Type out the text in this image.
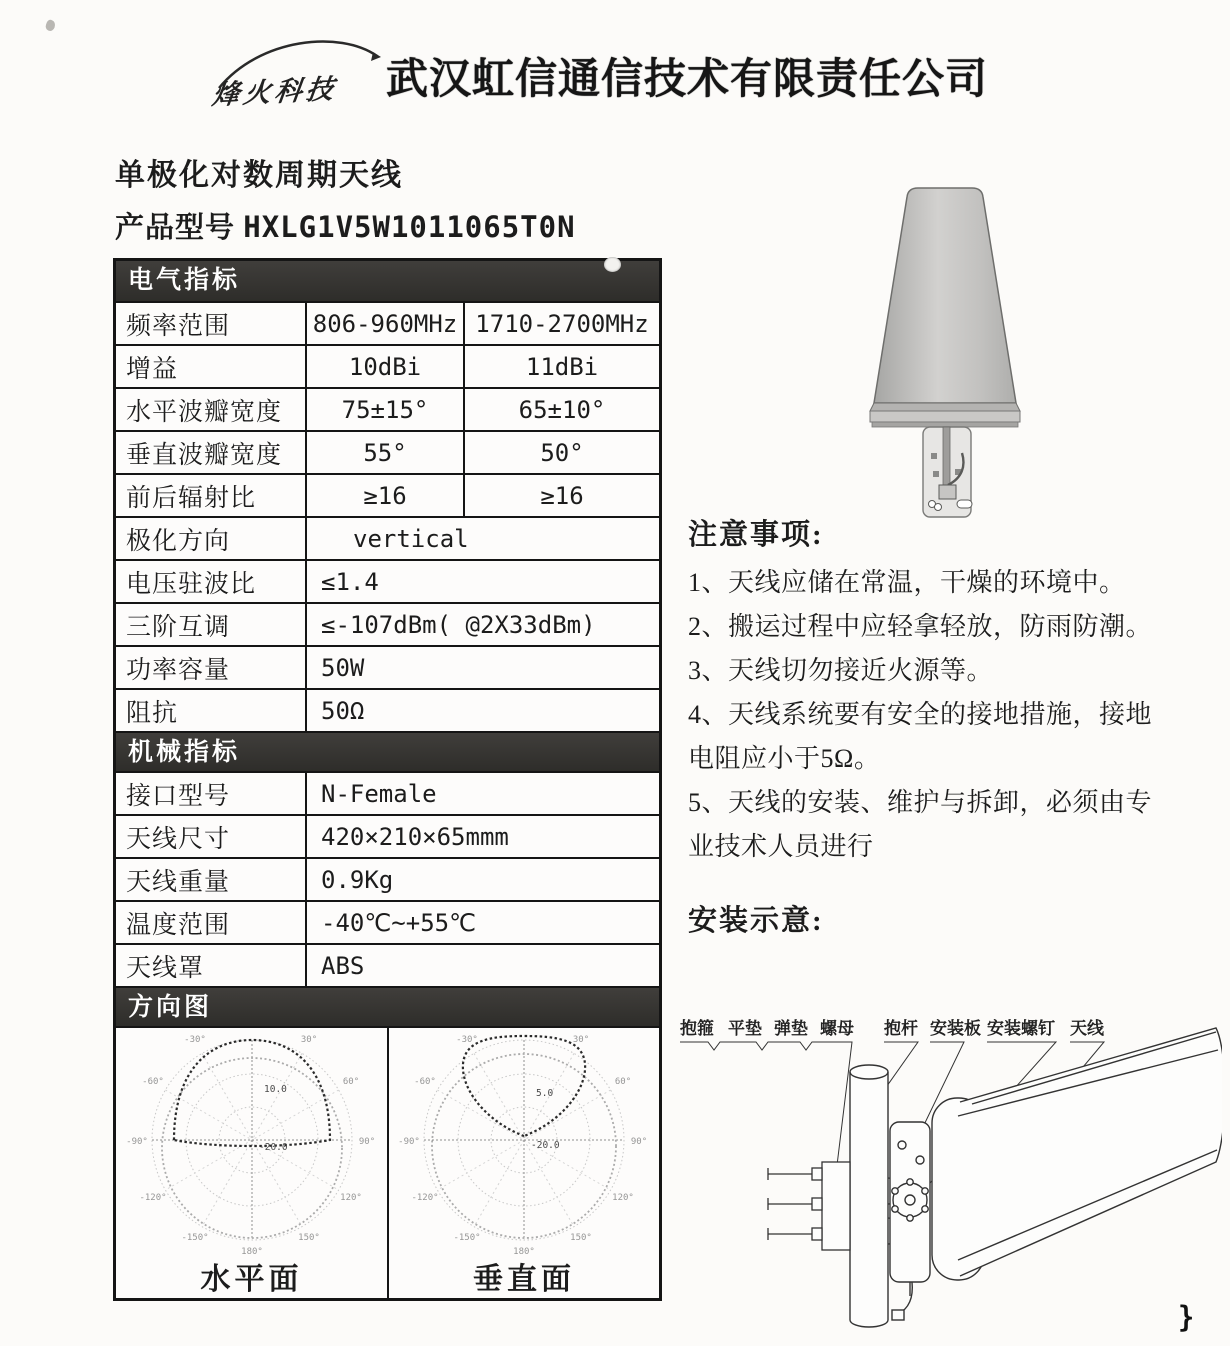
烽火科技 武汉虹信通信技术有限责任公司
单极化对数周期天线
产品型号 HXLG1V5W1011065T0N
电气指标
频率范围	806-960MHz 1710-2700MHz
增益	10dBi	11dBi
水平波瓣宽度	75±15°	65±10°
垂直波瓣宽度	55°	50°
前后辐射比	≥16	≥16
极化方向	vertical
电压驻波比	≤1.4
三阶互调	≤-107dBm( @2X33dBm)
功率容量	50W
阻抗	50Ω
机械指标
接口型号	N-Female
天线尺寸	420×210×65mmm
天线重量	0.9Kg
温度范围	-40℃~+55℃
天线罩	ABS
方向图
-30°	30°
-60°	60°
-90°	90°
-120°	120°
-150°	150°
180°
10.0
-20.0
水平面
-30°	30°
-60°	60°
-90°	90°
-120°	120°
-150°	150°
180°
5.0
-20.0
垂直面
注意事项:
1、天线应储在常温，干燥的环境中。
2、搬运过程中应轻拿轻放，防雨防潮。
3、天线切勿接近火源等。
4、天线系统要有安全的接地措施，接地电阻应小于5Ω。
5、天线的安装、维护与拆卸，必须由专业技术人员进行
安装示意:
抱箍 平垫 弹垫 螺母 抱杆 安装板 安装螺钉 天线
}
